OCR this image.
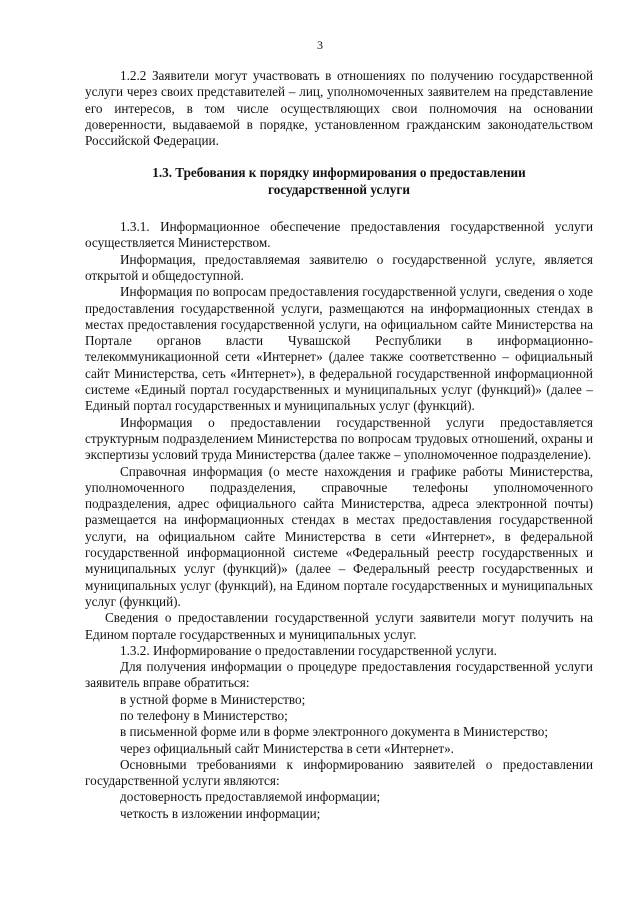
3

1.2.2 Заявители могут участвовать в отношениях по получению государственной услуги через своих представителей – лиц, уполномоченных заявителем на представление его интересов, в том числе осуществляющих свои полномочия на основании доверенности, выдаваемой в порядке, установленном гражданским законодательством Российской Федерации.

1.3. Требования к порядку информирования о предоставлении государственной услуги

1.3.1. Информационное обеспечение предоставления государственной услуги осуществляется Министерством.

Информация, предоставляемая заявителю о государственной услуге, является открытой и общедоступной.

Информация по вопросам предоставления государственной услуги, сведения о ходе предоставления государственной услуги, размещаются на информационных стендах в местах предоставления государственной услуги, на официальном сайте Министерства на Портале органов власти Чувашской Республики в информационно-телекоммуникационной сети «Интернет» (далее также соответственно – официальный сайт Министерства, сеть «Интернет»), в федеральной государственной информационной системе «Единый портал государственных и муниципальных услуг (функций)» (далее – Единый портал государственных и муниципальных услуг (функций).

Информация о предоставлении государственной услуги предоставляется структурным подразделением Министерства по вопросам трудовых отношений, охраны и экспертизы условий труда Министерства (далее также – уполномоченное подразделение).

Справочная информация (о месте нахождения и графике работы Министерства, уполномоченного подразделения, справочные телефоны уполномоченного подразделения, адрес официального сайта Министерства, адреса электронной почты) размещается на информационных стендах в местах предоставления государственной услуги, на официальном сайте Министерства в сети «Интернет», в федеральной государственной информационной системе «Федеральный реестр государственных и муниципальных услуг (функций)» (далее – Федеральный реестр государственных и муниципальных услуг (функций), на Едином портале государственных и муниципальных услуг (функций).

Сведения о предоставлении государственной услуги заявители могут получить на Едином портале государственных и муниципальных услуг.

1.3.2. Информирование о предоставлении государственной услуги.

Для получения информации о процедуре предоставления государственной услуги заявитель вправе обратиться:

в устной форме в Министерство;

по телефону в Министерство;

в письменной форме или в форме электронного документа в Министерство;

через официальный сайт Министерства в сети «Интернет».

Основными требованиями к информированию заявителей о предоставлении государственной услуги являются:

достоверность предоставляемой информации;

четкость в изложении информации;
